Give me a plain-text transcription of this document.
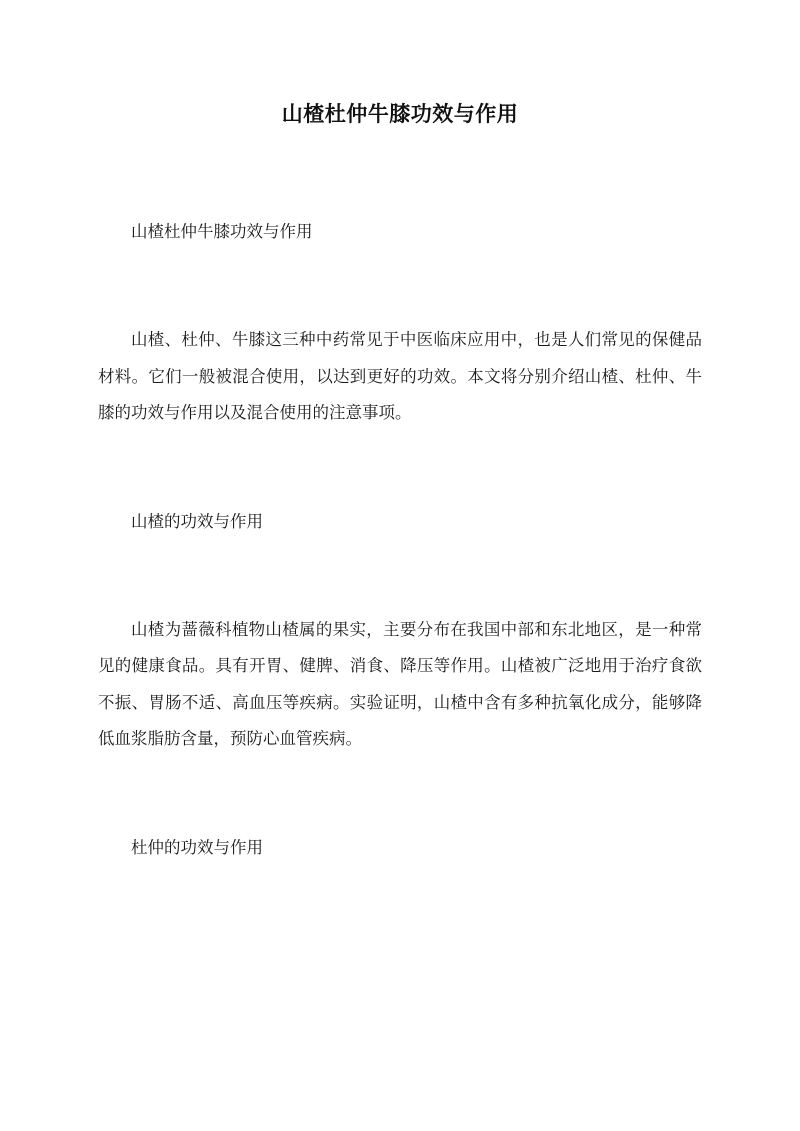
山楂杜仲牛膝功效与作用

山楂杜仲牛膝功效与作用

山楂、杜仲、牛膝这三种中药常见于中医临床应用中，也是人们常见的保健品材料。它们一般被混合使用，以达到更好的功效。本文将分别介绍山楂、杜仲、牛膝的功效与作用以及混合使用的注意事项。

山楂的功效与作用

山楂为蔷薇科植物山楂属的果实，主要分布在我国中部和东北地区，是一种常见的健康食品。具有开胃、健脾、消食、降压等作用。山楂被广泛地用于治疗食欲不振、胃肠不适、高血压等疾病。实验证明，山楂中含有多种抗氧化成分，能够降低血浆脂肪含量，预防心血管疾病。

杜仲的功效与作用
